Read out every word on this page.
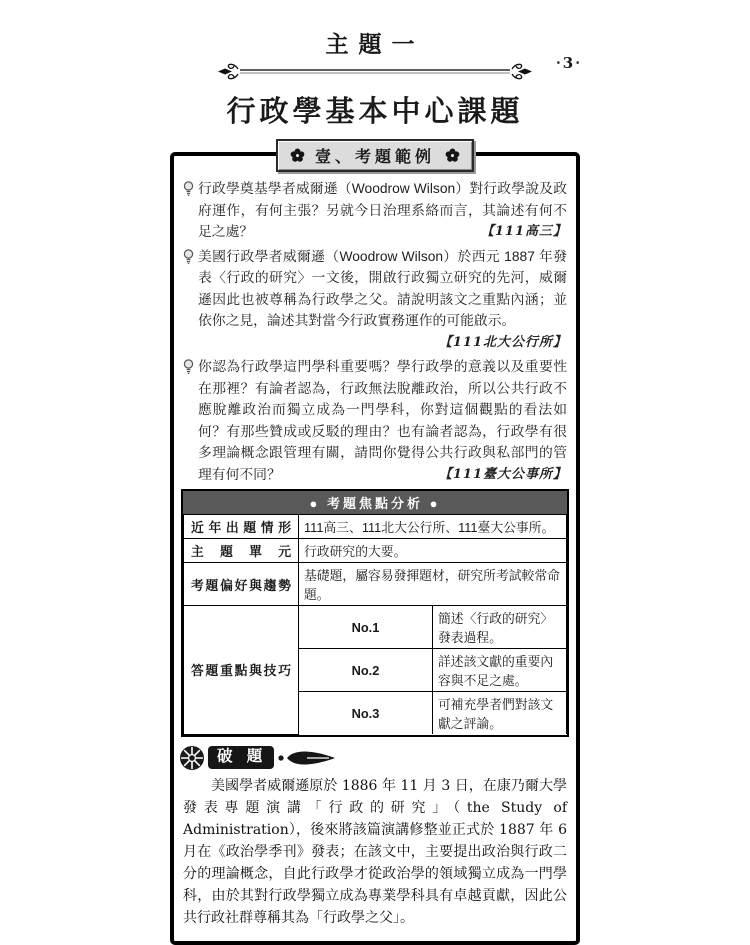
‧3‧
主題一
行政學基本中心課題
壹、考題範例
行政學奠基學者威爾遜（Woodrow Wilson）對行政學說及政府運作，有何主張？另就今日治理系絡而言，其論述有何不足之處？	【111高三】
美國行政學者威爾遜（Woodrow Wilson）於西元 1887 年發表〈行政的研究〉一文後，開啟行政獨立研究的先河，威爾遜因此也被尊稱為行政學之父。請說明該文之重點內涵；並依你之見，論述其對當今行政實務運作的可能啟示。
【111北大公行所】
你認為行政學這門學科重要嗎？學行政學的意義以及重要性在那裡？有論者認為，行政無法脫離政治，所以公共行政不應脫離政治而獨立成為一門學科，你對這個觀點的看法如何？有那些贊成或反駁的理由？也有論者認為，行政學有很多理論概念跟管理有關，請問你覺得公共行政與私部門的管理有何不同？	【111臺大公事所】
● 考題焦點分析 ●
近年出題情形	111高三、111北大公行所、111臺大公事所。	
主題單元	行政研究的大要。	
考題偏好與趨勢	基礎題，屬容易發揮題材，研究所考試較常命題。	
答題重點與技巧	No.1	簡述〈行政的研究〉發表過程。
	No.2	詳述該文獻的重要內容與不足之處。
	No.3	可補充學者們對該文獻之評論。
破 題
美國學者威爾遜原於 1886 年 11 月 3 日，在康乃爾大學發表專題演講「行政的研究」（the Study of Administration），後來將該篇演講修整並正式於 1887 年 6 月在《政治學季刊》發表；在該文中，主要提出政治與行政二分的理論概念，自此行政學才從政治學的領域獨立成為一門學科，由於其對行政學獨立成為專業學科具有卓越貢獻，因此公共行政社群尊稱其為「行政學之父」。
